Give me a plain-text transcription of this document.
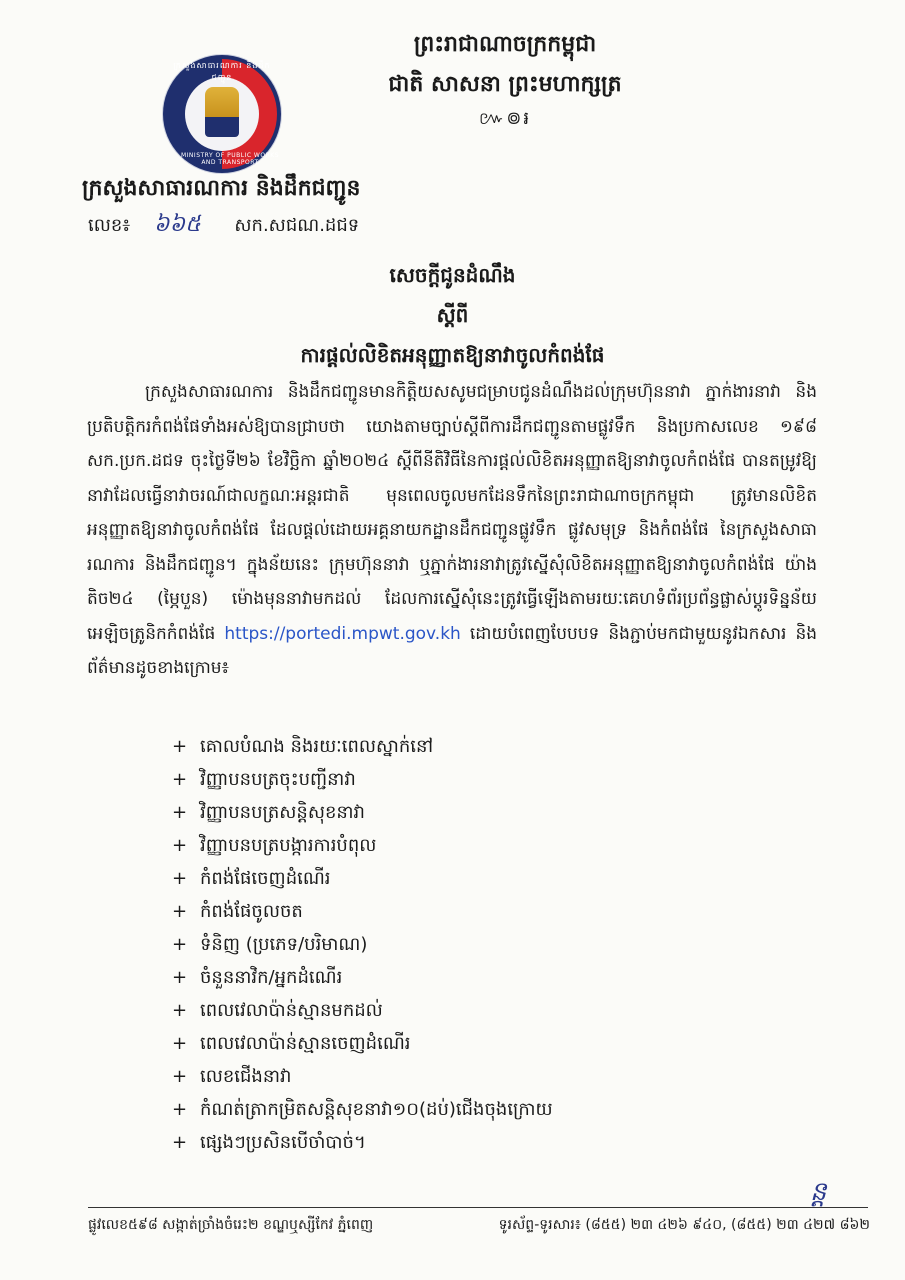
ក្រសួងសាធារណការ និងដឹកជញ្ជូន
MINISTRY OF PUBLIC WORKS AND TRANSPORT
ព្រះរាជាណាចក្រកម្ពុជា
ជាតិ សាសនា ព្រះមហាក្សត្រ
៚៙៛
ក្រសួងសាធារណការ និងដឹកជញ្ជូន
លេខ៖ ៦៦៥ សក.សជណ.ដជទ
សេចក្តីជូនដំណឹង
ស្តីពី
ការផ្តល់លិខិតអនុញ្ញាតឱ្យនាវាចូលកំពង់ផែ
ក្រសួងសាធារណការ និងដឹកជញ្ជូនមានកិត្តិយសសូមជម្រាបជូនដំណឹងដល់ក្រុមហ៊ុននាវា ភ្នាក់ងារនាវា និងប្រតិបត្តិករកំពង់ផែទាំងអស់ឱ្យបានជ្រាបថា យោងតាមច្បាប់ស្តីពីការដឹកជញ្ជូនតាមផ្លូវទឹក និងប្រកាសលេខ ១៩៨ សក.ប្រក.ដជទ ចុះថ្ងៃទី២៦ ខែវិច្ឆិកា ឆ្នាំ២០២៤ ស្តីពីនីតិវិធីនៃការផ្តល់លិខិតអនុញ្ញាតឱ្យនាវាចូលកំពង់ផែ បានតម្រូវឱ្យនាវាដែលធ្វើនាវាចរណ៍ជាលក្ខណៈអន្តរជាតិ មុនពេលចូលមកដែនទឹកនៃព្រះរាជាណាចក្រកម្ពុជា ត្រូវមានលិខិតអនុញ្ញាតឱ្យនាវាចូលកំពង់ផែ ដែលផ្តល់ដោយអគ្គនាយកដ្ឋានដឹកជញ្ជូនផ្លូវទឹក ផ្លូវសមុទ្រ និងកំពង់ផែ នៃក្រសួងសាធារណការ និងដឹកជញ្ជូន។ ក្នុងន័យនេះ ក្រុមហ៊ុននាវា ឬភ្នាក់ងារនាវាត្រូវស្នើសុំលិខិតអនុញ្ញាតឱ្យនាវាចូលកំពង់ផែ យ៉ាងតិច២៤ (ម្ភៃបួន) ម៉ោងមុននាវាមកដល់ ដែលការស្នើសុំនេះត្រូវធ្វើឡើងតាមរយៈគេហទំព័រប្រព័ន្ធផ្លាស់ប្តូរទិន្នន័យអេឡិចត្រូនិកកំពង់ផែ https://portedi.mpwt.gov.kh ដោយបំពេញបែបបទ និងភ្ជាប់មកជាមួយនូវឯកសារ និងព័ត៌មានដូចខាងក្រោម៖
+ គោលបំណង និងរយៈពេលស្នាក់នៅ
+ វិញ្ញាបនបត្រចុះបញ្ជីនាវា
+ វិញ្ញាបនបត្រសន្តិសុខនាវា
+ វិញ្ញាបនបត្របង្ការការបំពុល
+ កំពង់ផែចេញដំណើរ
+ កំពង់ផែចូលចត
+ ទំនិញ (ប្រភេទ/បរិមាណ)
+ ចំនួននាវិក/អ្នកដំណើរ
+ ពេលវេលាប៉ាន់ស្មានមកដល់
+ ពេលវេលាប៉ាន់ស្មានចេញដំណើរ
+ លេខជើងនាវា
+ កំណត់ត្រាកម្រិតសន្តិសុខនាវា១០(ដប់)ជើងចុងក្រោយ
+ ផ្សេងៗប្រសិនបើចាំបាច់។
ន្ត
ផ្លូវលេខ៥៩៨ សង្កាត់ច្រាំងចំរេះ២ ខណ្ឌឬស្សីកែវ ភ្នំពេញ	ទូរស័ព្ទ-ទូរសារ៖ (៨៥៥) ២៣ ៤២៦ ៩៤០, (៨៥៥) ២៣ ៤២៧ ៨៦២
